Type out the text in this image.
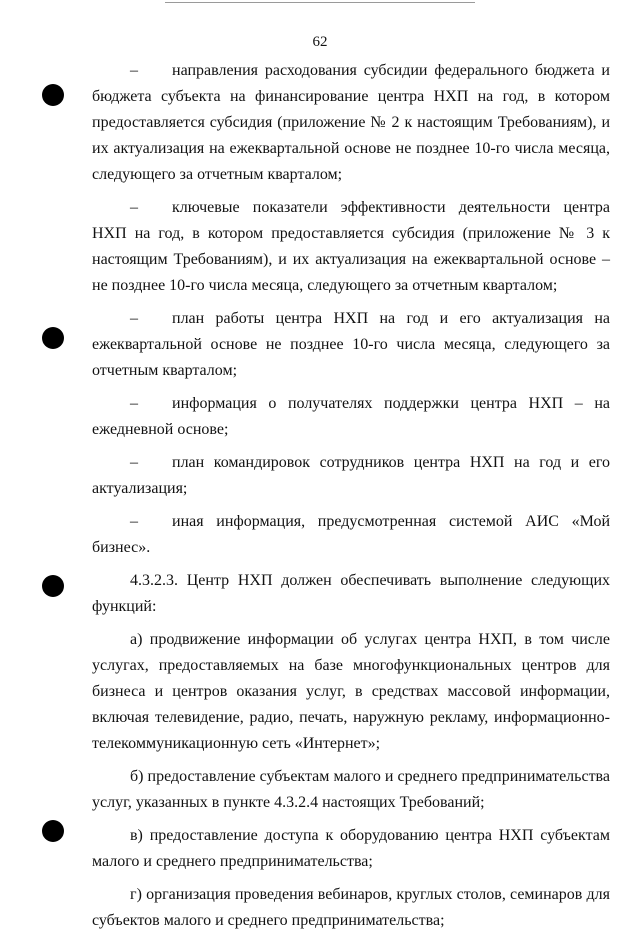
62

– направления расходования субсидии федерального бюджета и бюджета субъекта на финансирование центра НХП на год, в котором предоставляется субсидия (приложение № 2 к настоящим Требованиям), и их актуализация на ежеквартальной основе не позднее 10-го числа месяца, следующего за отчетным кварталом;

– ключевые показатели эффективности деятельности центра НХП на год, в котором предоставляется субсидия (приложение № 3 к настоящим Требованиям), и их актуализация на ежеквартальной основе – не позднее 10-го числа месяца, следующего за отчетным кварталом;

– план работы центра НХП на год и его актуализация на ежеквартальной основе не позднее 10-го числа месяца, следующего за отчетным кварталом;

– информация о получателях поддержки центра НХП – на ежедневной основе;

– план командировок сотрудников центра НХП на год и его актуализация;

– иная информация, предусмотренная системой АИС «Мой бизнес».

4.3.2.3. Центр НХП должен обеспечивать выполнение следующих функций:

а) продвижение информации об услугах центра НХП, в том числе услугах, предоставляемых на базе многофункциональных центров для бизнеса и центров оказания услуг, в средствах массовой информации, включая телевидение, радио, печать, наружную рекламу, информационно-телекоммуникационную сеть «Интернет»;

б) предоставление субъектам малого и среднего предпринимательства услуг, указанных в пункте 4.3.2.4 настоящих Требований;

в) предоставление доступа к оборудованию центра НХП субъектам малого и среднего предпринимательства;

г) организация проведения вебинаров, круглых столов, семинаров для субъектов малого и среднего предпринимательства;
